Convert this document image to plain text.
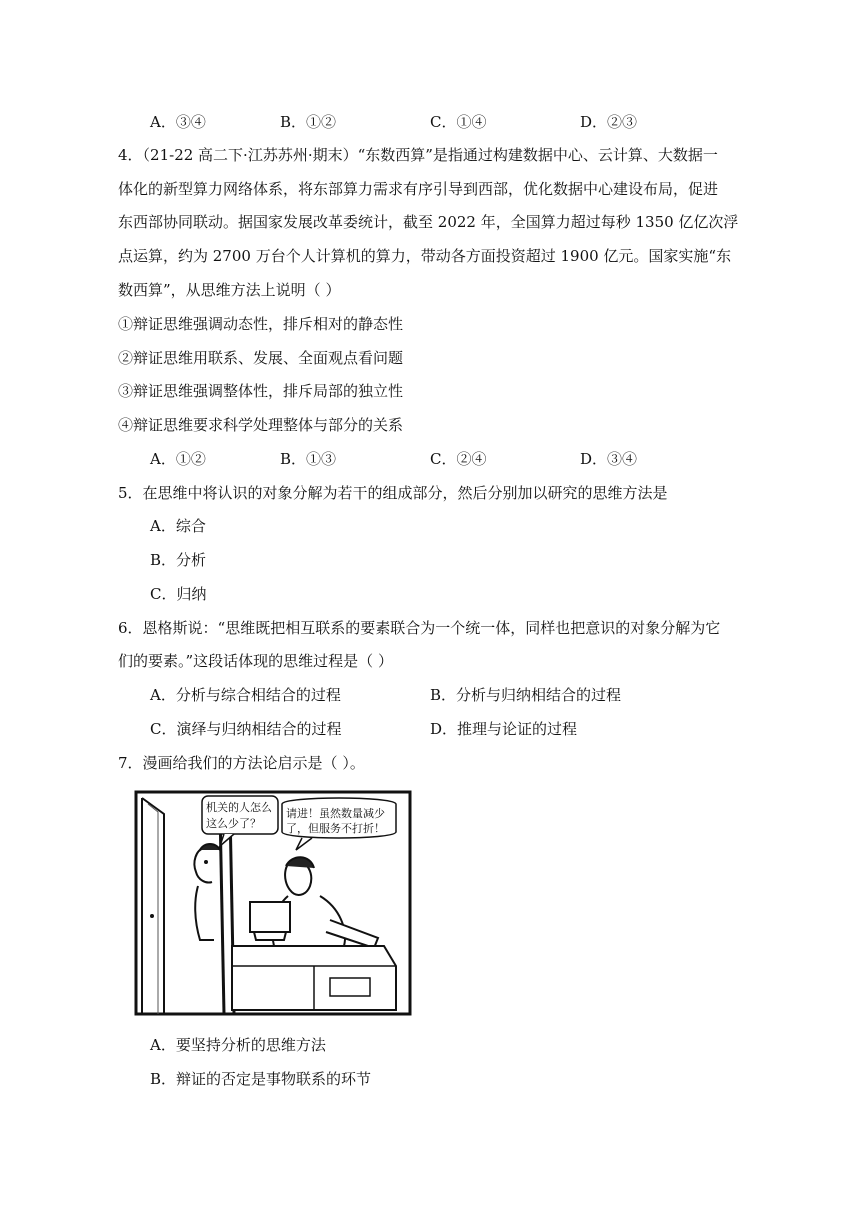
A．③④	B．①②	C．①④	D．②③
4．（21-22 高二下·江苏苏州·期末）“东数西算”是指通过构建数据中心、云计算、大数据一
体化的新型算力网络体系，将东部算力需求有序引导到西部，优化数据中心建设布局，促进
东西部协同联动。据国家发展改革委统计，截至 2022 年，全国算力超过每秒 1350 亿亿次浮
点运算，约为 2700 万台个人计算机的算力，带动各方面投资超过 1900 亿元。国家实施“东
数西算”，从思维方法上说明（ ）
①辩证思维强调动态性，排斥相对的静态性
②辩证思维用联系、发展、全面观点看问题
③辩证思维强调整体性，排斥局部的独立性
④辩证思维要求科学处理整体与部分的关系
A．①②	B．①③	C．②④	D．③④
5．在思维中将认识的对象分解为若干的组成部分，然后分别加以研究的思维方法是
A．综合
B．分析
C．归纳
6．恩格斯说：“思维既把相互联系的要素联合为一个统一体，同样也把意识的对象分解为它
们的要素。”这段话体现的思维过程是（ ）
A．分析与综合相结合的过程	B．分析与归纳相结合的过程
C．演绎与归纳相结合的过程	D．推理与论证的过程
7．漫画给我们的方法论启示是（ ）。
机关的人怎么
这么少了？
请进！虽然数量减少
了，但服务不打折！
A．要坚持分析的思维方法
B．辩证的否定是事物联系的环节
